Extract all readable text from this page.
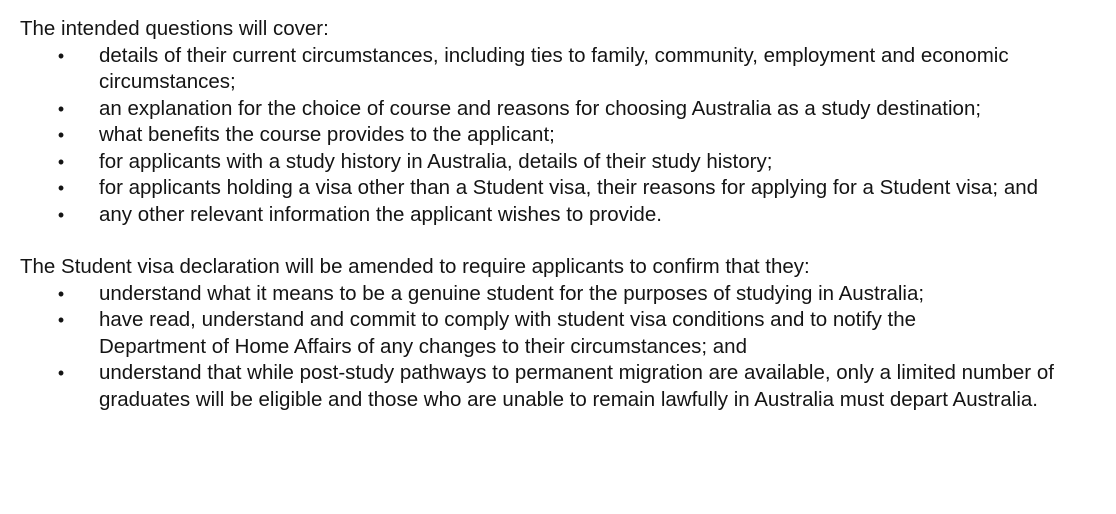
The intended questions will cover:

• details of their current circumstances, including ties to family, community, employment and economic circumstances;
• an explanation for the choice of course and reasons for choosing Australia as a study destination;
• what benefits the course provides to the applicant;
• for applicants with a study history in Australia, details of their study history;
• for applicants holding a visa other than a Student visa, their reasons for applying for a Student visa; and
• any other relevant information the applicant wishes to provide.

The Student visa declaration will be amended to require applicants to confirm that they:

• understand what it means to be a genuine student for the purposes of studying in Australia;
• have read, understand and commit to comply with student visa conditions and to notify the Department of Home Affairs of any changes to their circumstances; and
• understand that while post-study pathways to permanent migration are available, only a limited number of graduates will be eligible and those who are unable to remain lawfully in Australia must depart Australia.
